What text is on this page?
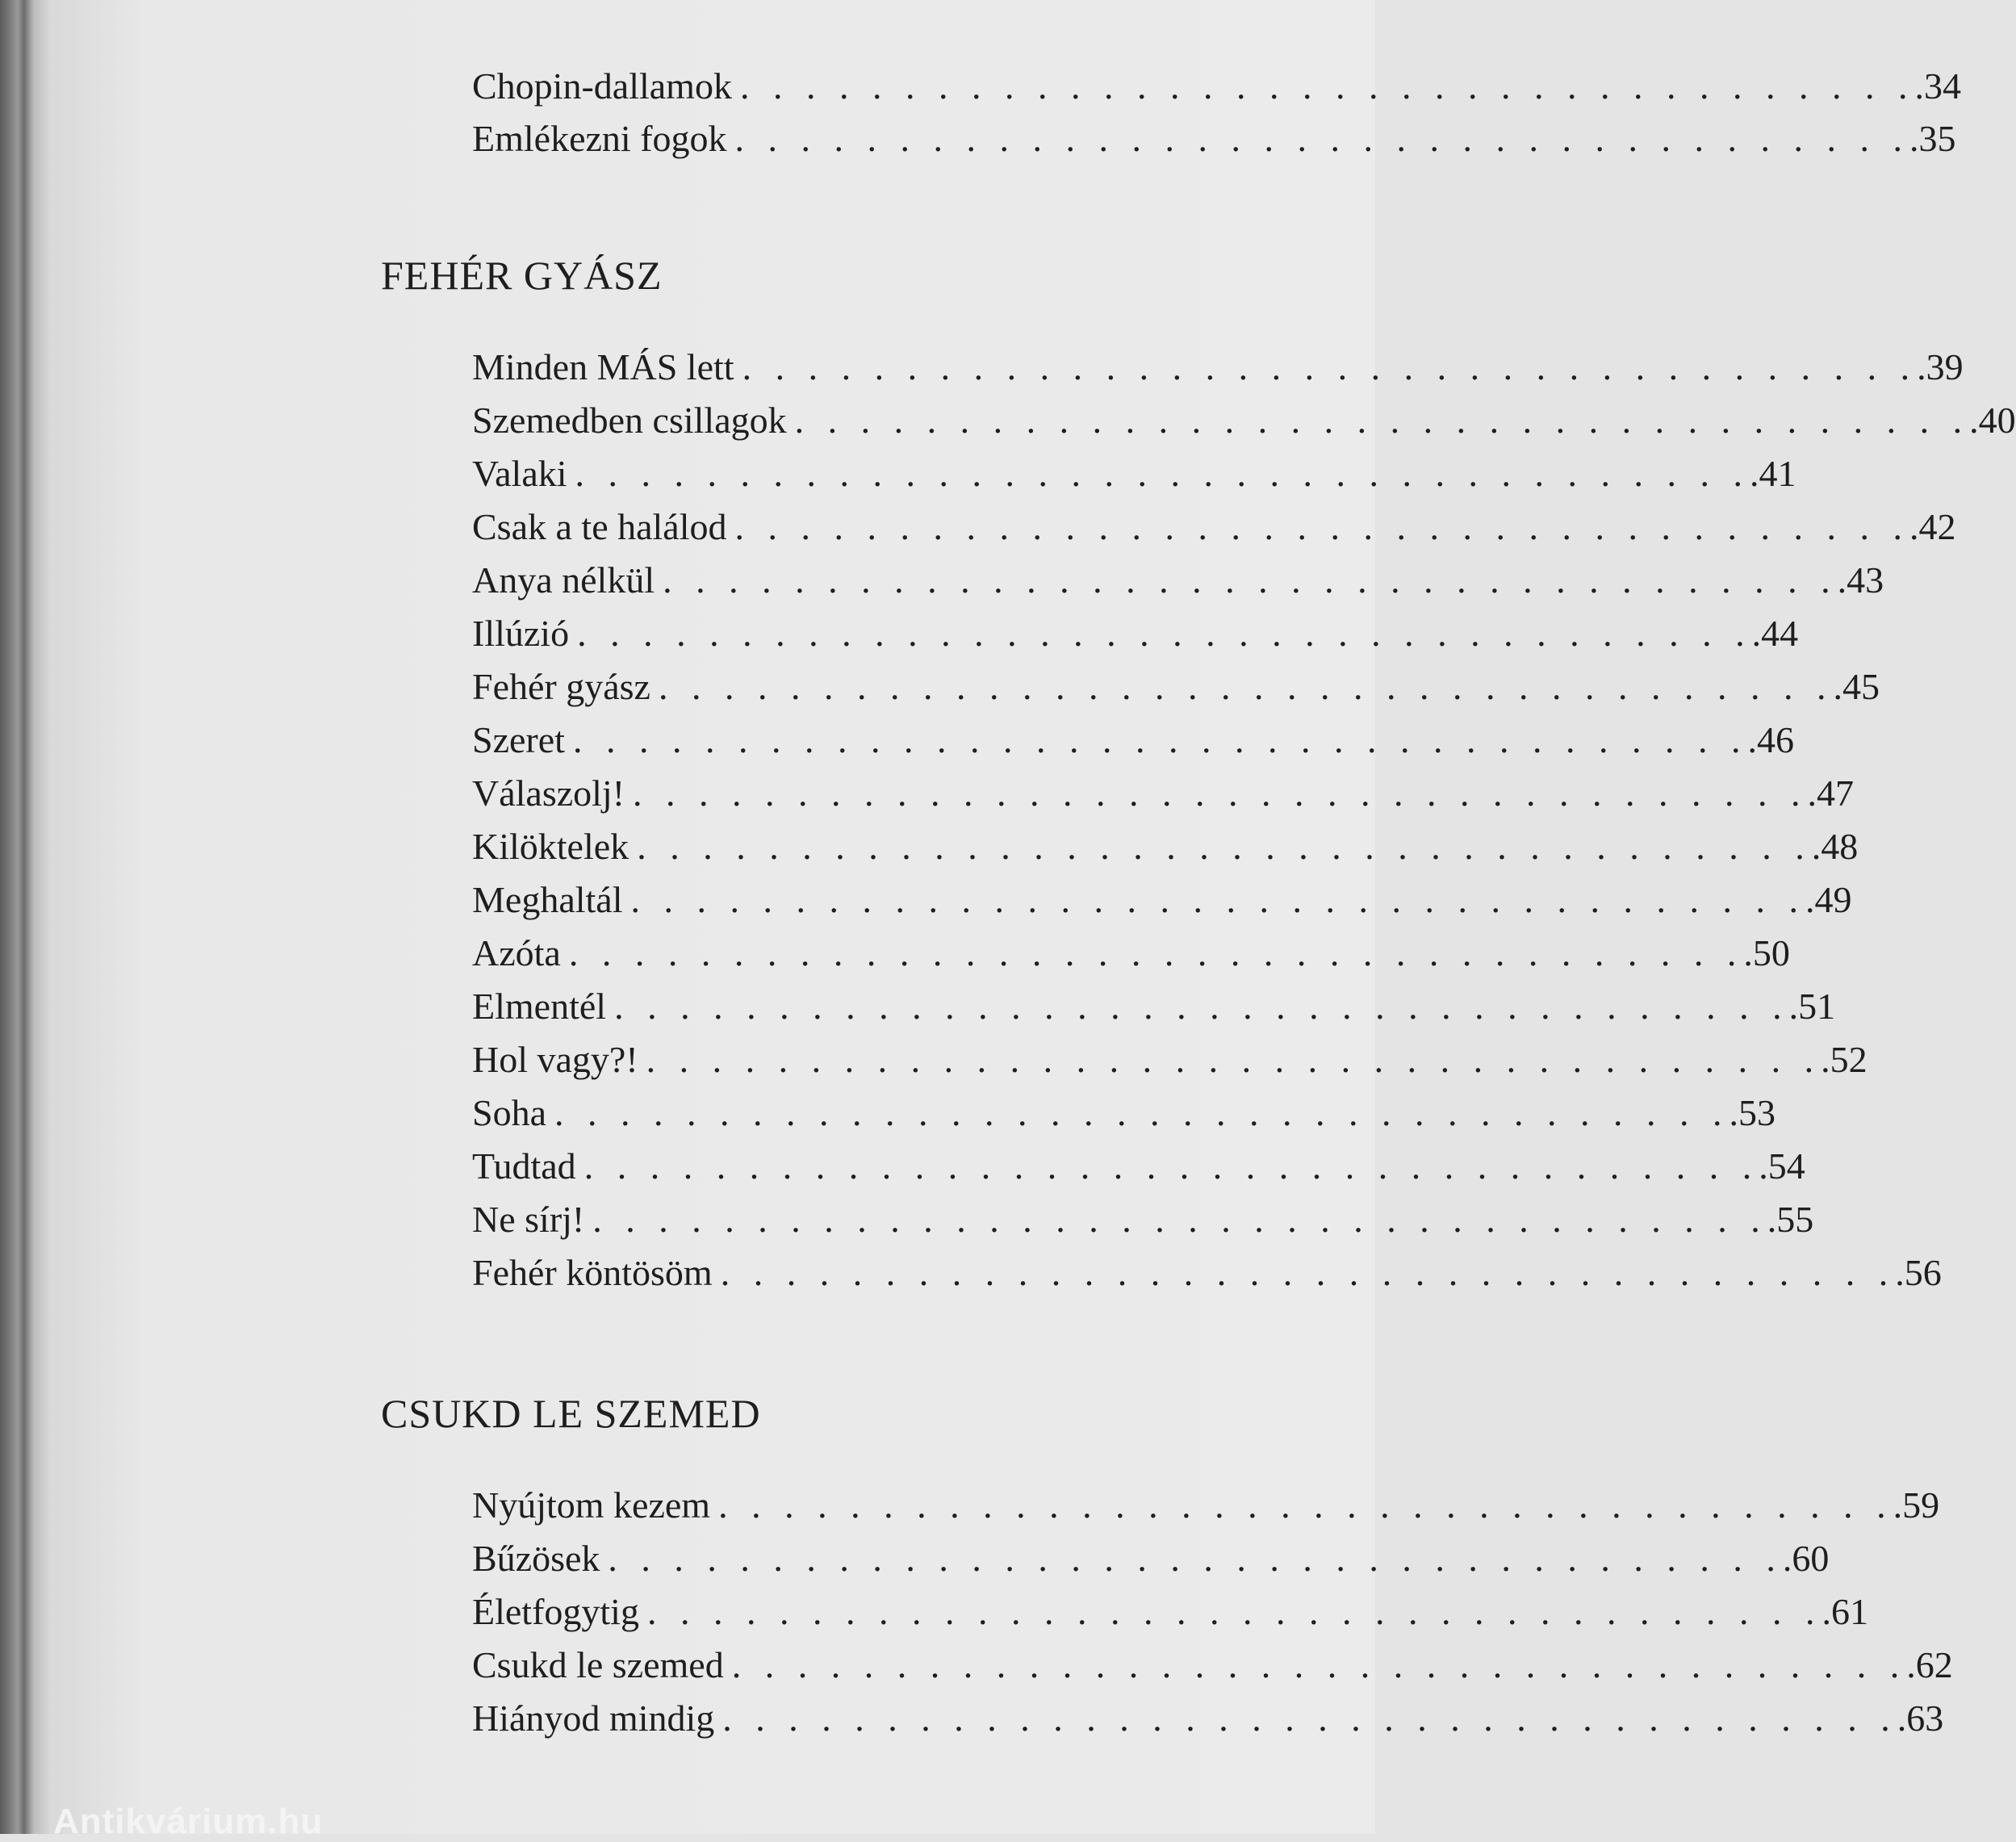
Antikvárium.hu
Chopin-dallamok . . . . . . . . . . . . . . . . . . . . . . . . . . . . . . . . . . . . .34
Emlékezni fogok . . . . . . . . . . . . . . . . . . . . . . . . . . . . . . . . . . . . .35
FEHÉR GYÁSZ
Minden MÁS lett . . . . . . . . . . . . . . . . . . . . . . . . . . . . . . . . . . . . .39
Szemedben csillagok . . . . . . . . . . . . . . . . . . . . . . . . . . . . . . . . . . . . .40
Valaki . . . . . . . . . . . . . . . . . . . . . . . . . . . . . . . . . . . . .41
Csak a te halálod . . . . . . . . . . . . . . . . . . . . . . . . . . . . . . . . . . . . .42
Anya nélkül . . . . . . . . . . . . . . . . . . . . . . . . . . . . . . . . . . . . .43
Illúzió . . . . . . . . . . . . . . . . . . . . . . . . . . . . . . . . . . . . .44
Fehér gyász . . . . . . . . . . . . . . . . . . . . . . . . . . . . . . . . . . . . .45
Szeret . . . . . . . . . . . . . . . . . . . . . . . . . . . . . . . . . . . . .46
Válaszolj! . . . . . . . . . . . . . . . . . . . . . . . . . . . . . . . . . . . . .47
Kilöktelek . . . . . . . . . . . . . . . . . . . . . . . . . . . . . . . . . . . . .48
Meghaltál . . . . . . . . . . . . . . . . . . . . . . . . . . . . . . . . . . . . .49
Azóta . . . . . . . . . . . . . . . . . . . . . . . . . . . . . . . . . . . . .50
Elmentél . . . . . . . . . . . . . . . . . . . . . . . . . . . . . . . . . . . . .51
Hol vagy?! . . . . . . . . . . . . . . . . . . . . . . . . . . . . . . . . . . . . .52
Soha . . . . . . . . . . . . . . . . . . . . . . . . . . . . . . . . . . . . .53
Tudtad . . . . . . . . . . . . . . . . . . . . . . . . . . . . . . . . . . . . .54
Ne sírj! . . . . . . . . . . . . . . . . . . . . . . . . . . . . . . . . . . . . .55
Fehér köntösöm . . . . . . . . . . . . . . . . . . . . . . . . . . . . . . . . . . . . .56
CSUKD LE SZEMED
Nyújtom kezem . . . . . . . . . . . . . . . . . . . . . . . . . . . . . . . . . . . . .59
Bűzösek . . . . . . . . . . . . . . . . . . . . . . . . . . . . . . . . . . . . .60
Életfogytig . . . . . . . . . . . . . . . . . . . . . . . . . . . . . . . . . . . . .61
Csukd le szemed . . . . . . . . . . . . . . . . . . . . . . . . . . . . . . . . . . . . .62
Hiányod mindig . . . . . . . . . . . . . . . . . . . . . . . . . . . . . . . . . . . . .63
